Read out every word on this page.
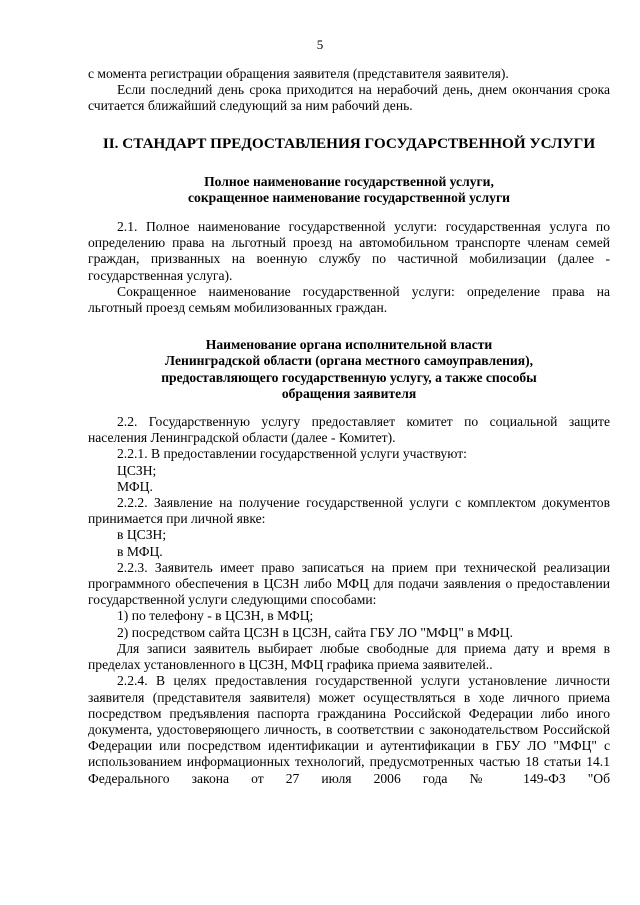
5

с момента регистрации обращения заявителя (представителя заявителя).

Если последний день срока приходится на нерабочий день, днем окончания срока считается ближайший следующий за ним рабочий день.

II. СТАНДАРТ ПРЕДОСТАВЛЕНИЯ ГОСУДАРСТВЕННОЙ УСЛУГИ
Полное наименование государственной услуги,
сокращенное наименование государственной услуги

2.1. Полное наименование государственной услуги: государственная услуга по определению права на льготный проезд на автомобильном транспорте членам семей граждан, призванных на военную службу по частичной мобилизации (далее - государственная услуга).

Сокращенное наименование государственной услуги: определение права на льготный проезд семьям мобилизованных граждан.

Наименование органа исполнительной власти
Ленинградской области (органа местного самоуправления),
предоставляющего государственную услугу, а также способы
обращения заявителя

2.2. Государственную услугу предоставляет комитет по социальной защите населения Ленинградской области (далее - Комитет).

2.2.1. В предоставлении государственной услуги участвуют:

ЦСЗН;

МФЦ.

2.2.2. Заявление на получение государственной услуги с комплектом документов принимается при личной явке:

в ЦСЗН;

в МФЦ.

2.2.3. Заявитель имеет право записаться на прием при технической реализации программного обеспечения в ЦСЗН либо МФЦ для подачи заявления о предоставлении государственной услуги следующими способами:

1) по телефону - в ЦСЗН, в МФЦ;

2) посредством сайта ЦСЗН в ЦСЗН, сайта ГБУ ЛО "МФЦ" в МФЦ.

Для записи заявитель выбирает любые свободные для приема дату и время в пределах установленного в ЦСЗН, МФЦ графика приема заявителей..

2.2.4. В целях предоставления государственной услуги установление личности заявителя (представителя заявителя) может осуществляться в ходе личного приема посредством предъявления паспорта гражданина Российской Федерации либо иного документа, удостоверяющего личность, в соответствии с законодательством Российской Федерации или посредством идентификации и аутентификации в ГБУ ЛО "МФЦ" с использованием информационных технологий, предусмотренных частью 18 статьи 14.1 Федерального закона от 27 июля 2006 года № 149-ФЗ "Об
